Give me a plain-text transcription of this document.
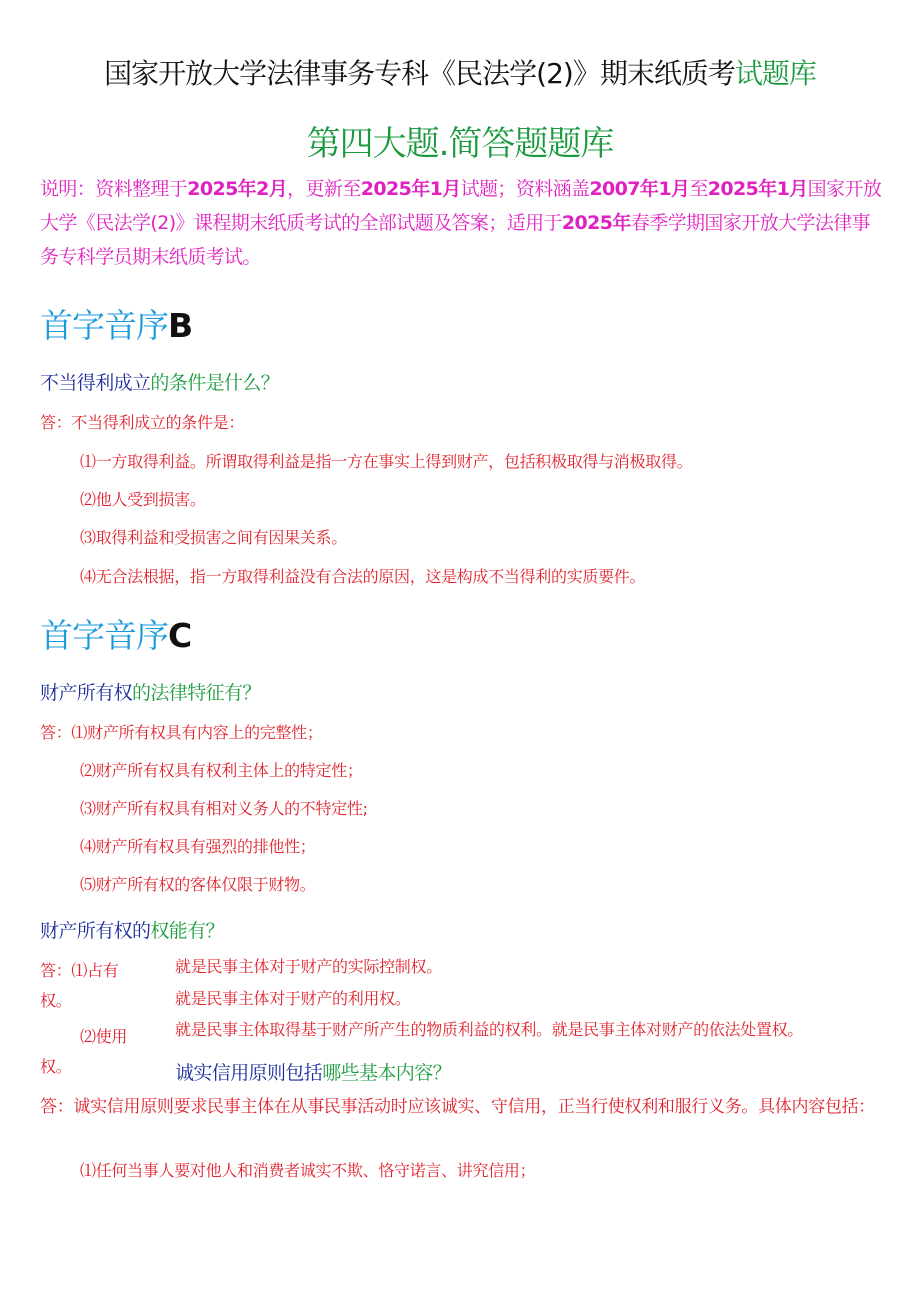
国家开放大学法律事务专科《民法学(2)》期末纸质考试题库
第四大题.简答题题库
说明：资料整理于2025年2月，更新至2025年1月试题；资料涵盖2007年1月至2025年1月国家开放大学《民法学(2)》课程期末纸质考试的全部试题及答案；适用于2025年春季学期国家开放大学法律事务专科学员期末纸质考试。
首字音序B
不当得利成立的条件是什么？
答：不当得利成立的条件是：
⑴一方取得利益。所谓取得利益是指一方在事实上得到财产，包括积极取得与消极取得。
⑵他人受到损害。
⑶取得利益和受损害之间有因果关系。
⑷无合法根据，指一方取得利益没有合法的原因，这是构成不当得利的实质要件。
首字音序C
财产所有权的法律特征有？
答：⑴财产所有权具有内容上的完整性；
⑵财产所有权具有权利主体上的特定性；
⑶财产所有权具有相对义务人的不特定性;
⑷财产所有权具有强烈的排他性；
⑸财产所有权的客体仅限于财物。
财产所有权的权能有？
答：⑴占有
权。
⑵使用
权。
就是民事主体对于财产的实际控制权。
就是民事主体对于财产的利用权。
就是民事主体取得基于财产所产生的物质利益的权利。就是民事主体对财产的依法处置权。
诚实信用原则包括哪些基本内容？
答：诚实信用原则要求民事主体在从事民事活动时应该诚实、守信用，正当行使权利和服行义务。具体内容包括：
⑴任何当事人要对他人和消费者诚实不欺、恪守诺言、讲究信用；
